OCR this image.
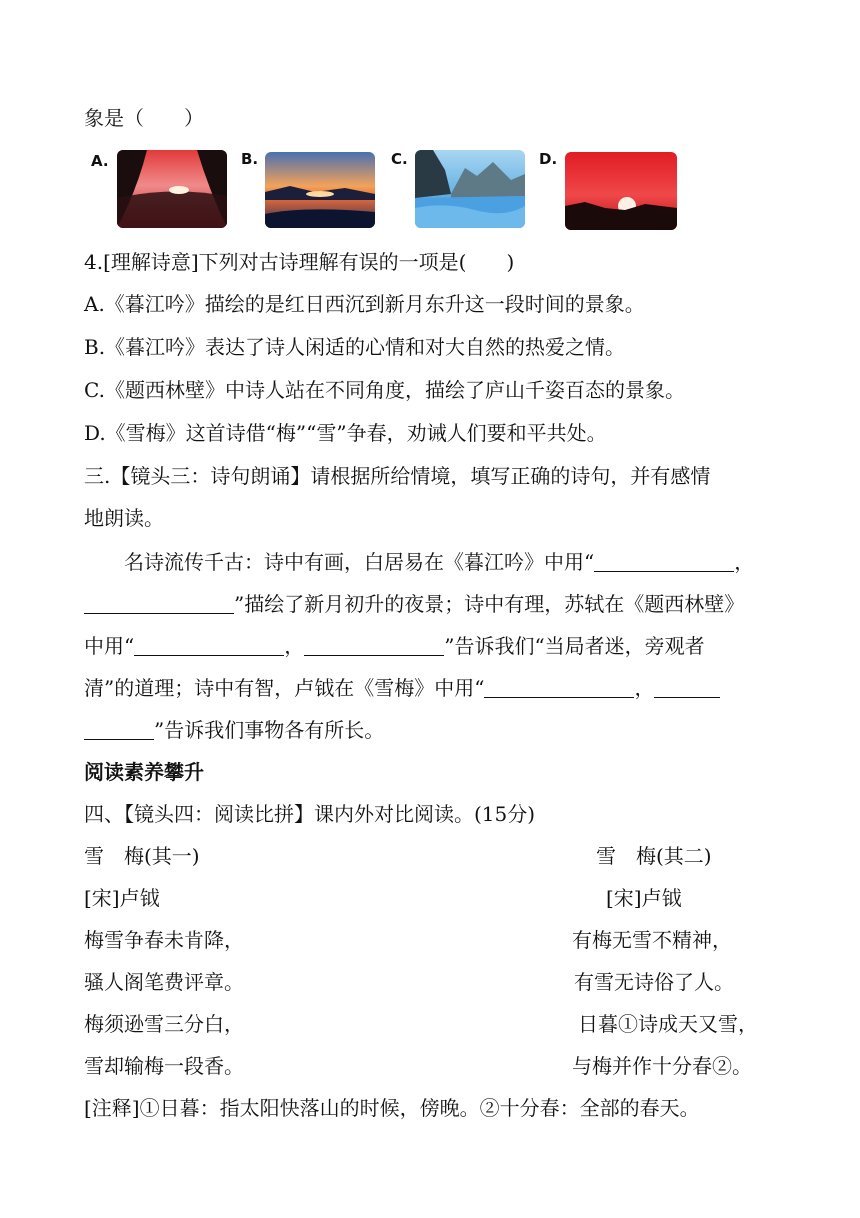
象是（　　）
A.	B.	C.	D.
4.[理解诗意]下列对古诗理解有误的一项是(　　)
A.《暮江吟》描绘的是红日西沉到新月东升这一段时间的景象。
B.《暮江吟》表达了诗人闲适的心情和对大自然的热爱之情。
C.《题西林壁》中诗人站在不同角度，描绘了庐山千姿百态的景象。
D.《雪梅》这首诗借“梅”“雪”争春，劝诫人们要和平共处。
三.【镜头三：诗句朗诵】请根据所给情境，填写正确的诗句，并有感情
地朗读。
名诗流传千古：诗中有画，白居易在《暮江吟》中用“	，
”描绘了新月初升的夜景；诗中有理，苏轼在《题西林壁》
中用“	，	”告诉我们“当局者迷，旁观者
清”的道理；诗中有智，卢钺在《雪梅》中用“	，
”告诉我们事物各有所长。
阅读素养攀升
四、【镜头四：阅读比拼】课内外对比阅读。(15分)
雪　梅(其一)	雪　梅(其二)
[宋]卢钺	[宋]卢钺
梅雪争春未肯降，	有梅无雪不精神，
骚人阁笔费评章。	有雪无诗俗了人。
梅须逊雪三分白，	日暮①诗成天又雪，
雪却输梅一段香。	与梅并作十分春②。
[注释]①日暮：指太阳快落山的时候，傍晚。②十分春：全部的春天。
